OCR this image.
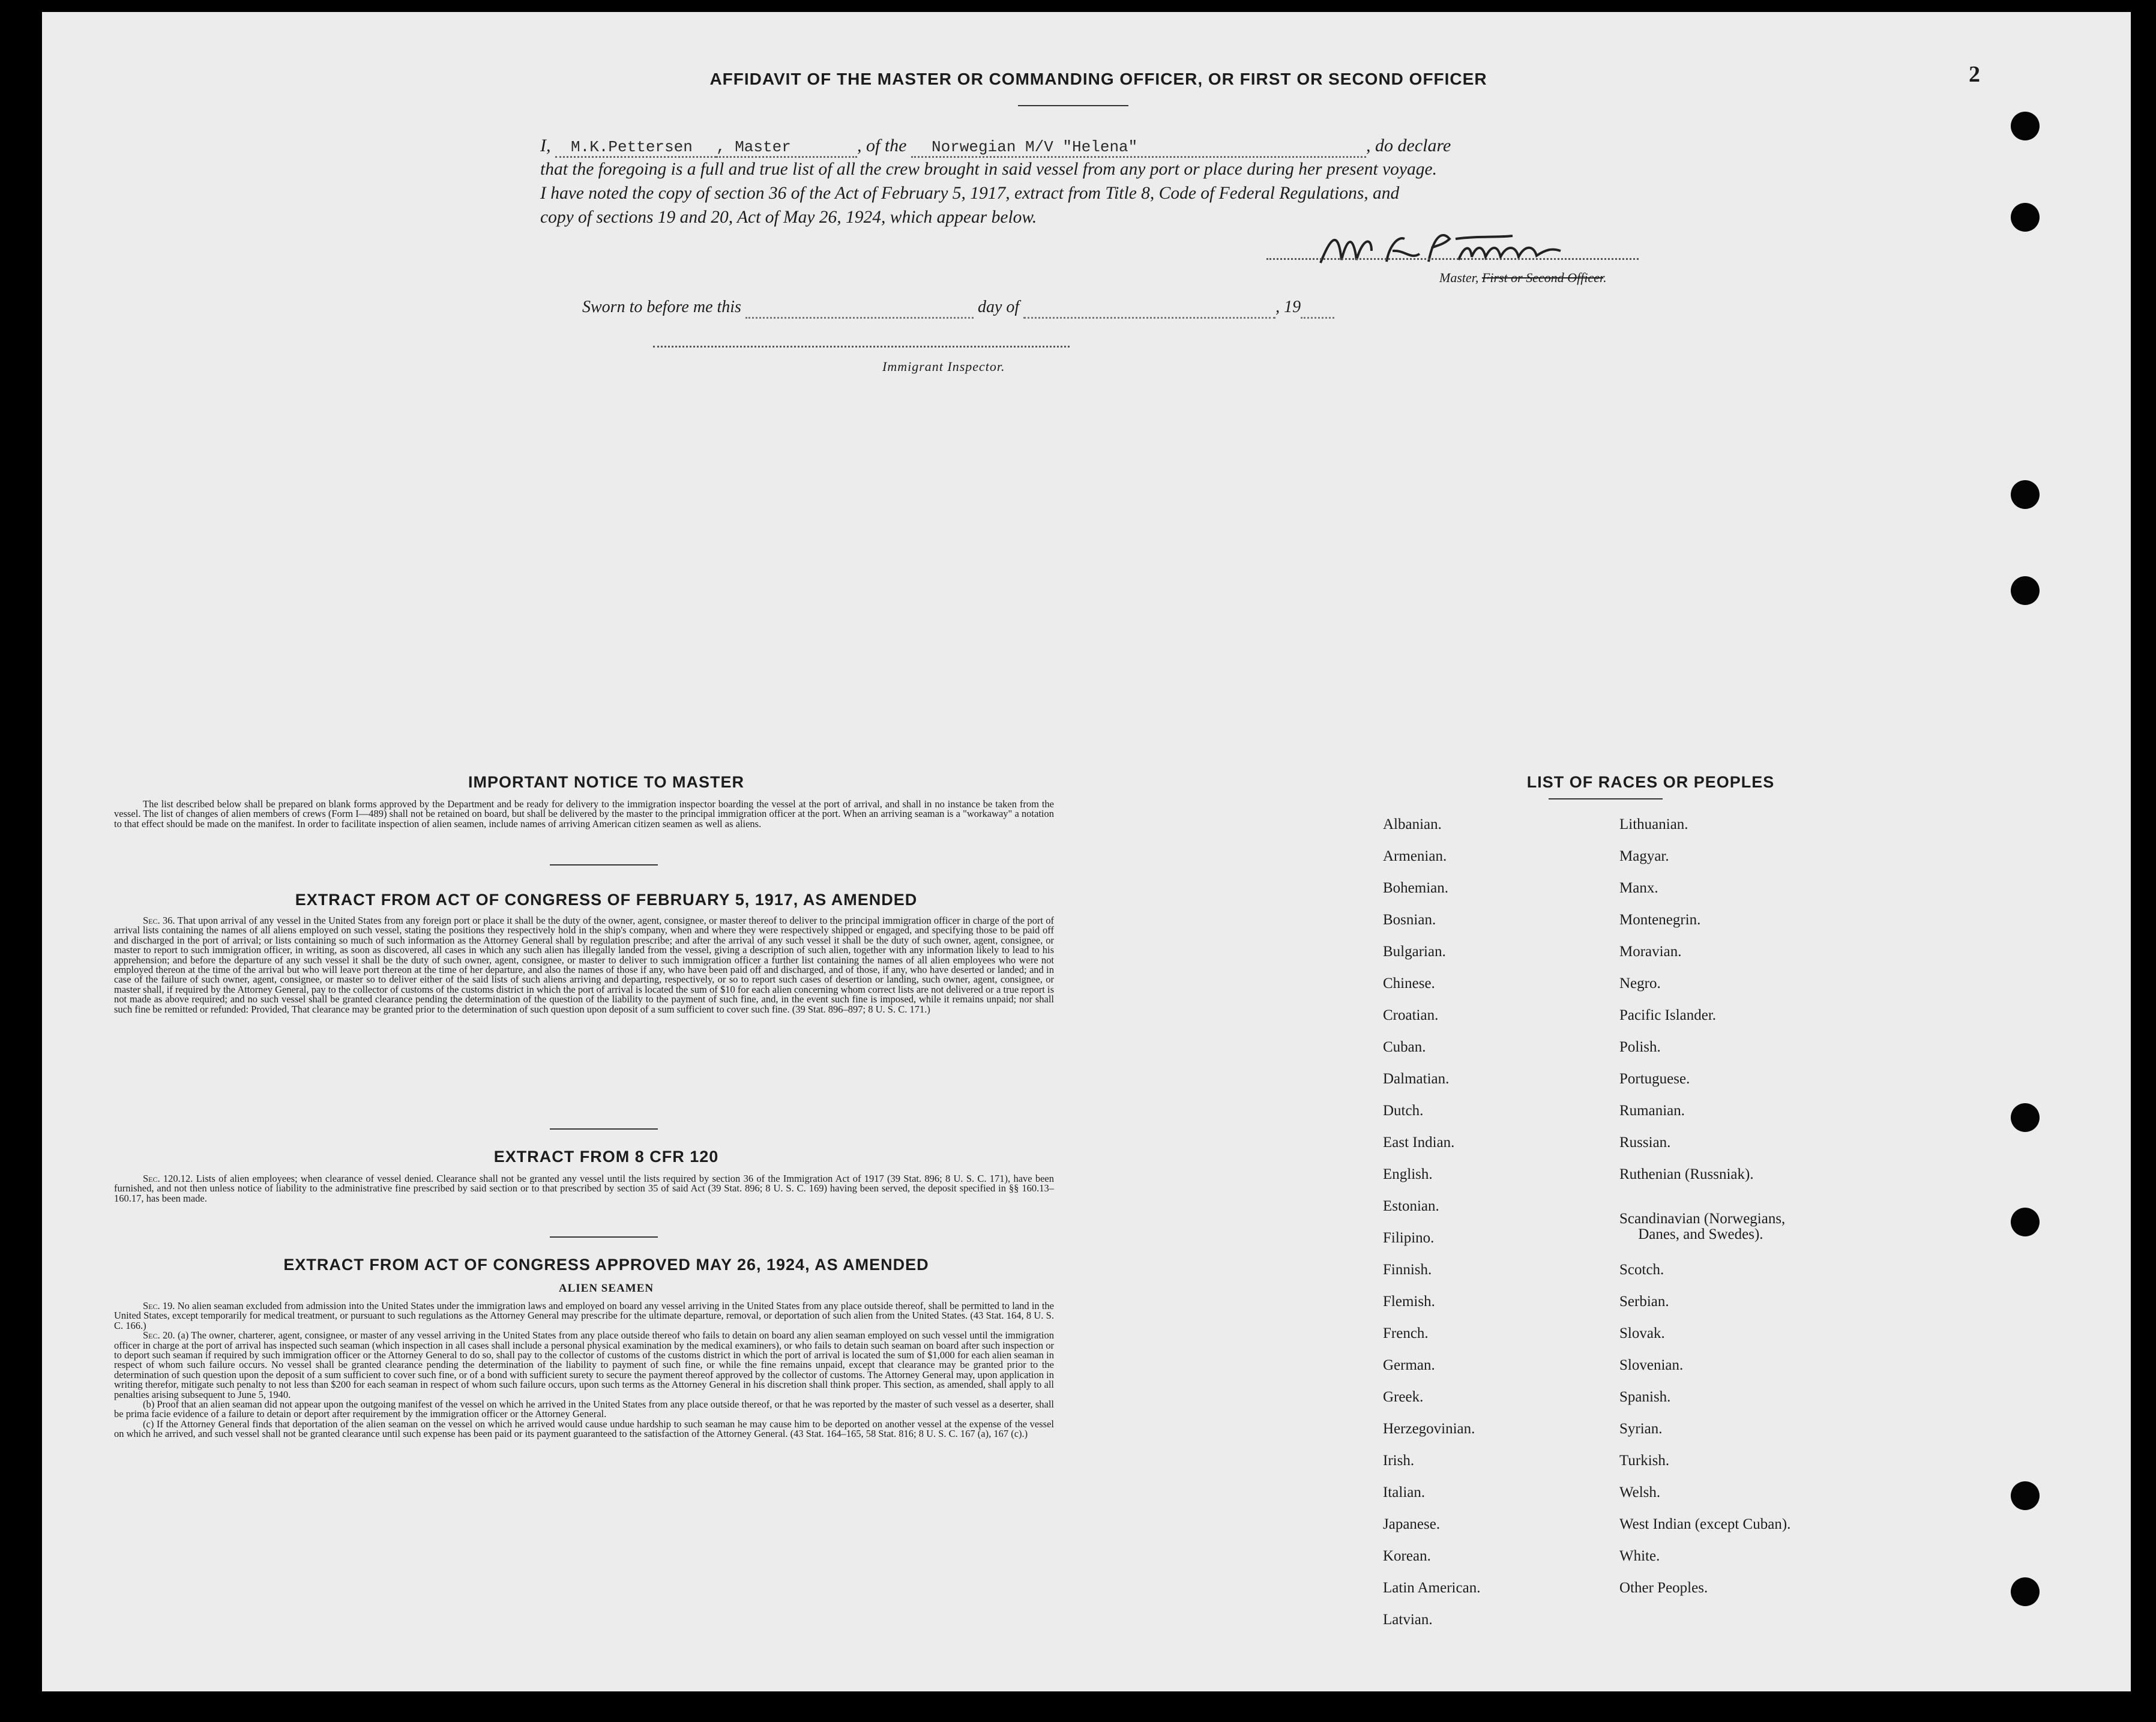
2
AFFIDAVIT OF THE MASTER OR COMMANDING OFFICER, OR FIRST OR SECOND OFFICER
I, M.K.Pettersen , Master	, of the Norwegian M/V "Helena"	, do declare
that the foregoing is a full and true list of all the crew brought in said vessel from any port or place during her present voyage.
I have noted the copy of section 36 of the Act of February 5, 1917, extract from Title 8, Code of Federal Regulations, and
copy of sections 19 and 20, Act of May 26, 1924, which appear below.
Master, First or Second Officer.
Sworn to before me this	day of	, 19
Immigrant Inspector.
IMPORTANT NOTICE TO MASTER
The list described below shall be prepared on blank forms approved by the Department and be ready for delivery to the immigration inspector boarding the vessel at the port of arrival, and shall in no instance be taken from the vessel. The list of changes of alien members of crews (Form I—489) shall not be retained on board, but shall be delivered by the master to the principal immigration officer at the port. When an arriving seaman is a "workaway" a notation to that effect should be made on the manifest. In order to facilitate inspection of alien seamen, include names of arriving American citizen seamen as well as aliens.
EXTRACT FROM ACT OF CONGRESS OF FEBRUARY 5, 1917, AS AMENDED
Sec. 36. That upon arrival of any vessel in the United States from any foreign port or place it shall be the duty of the owner, agent, consignee, or master thereof to deliver to the principal immigration officer in charge of the port of arrival lists containing the names of all aliens employed on such vessel, stating the positions they respectively hold in the ship's company, when and where they were respectively shipped or engaged, and specifying those to be paid off and discharged in the port of arrival; or lists containing so much of such information as the Attorney General shall by regulation prescribe; and after the arrival of any such vessel it shall be the duty of such owner, agent, consignee, or master to report to such immigration officer, in writing, as soon as discovered, all cases in which any such alien has illegally landed from the vessel, giving a description of such alien, together with any information likely to lead to his apprehension; and before the departure of any such vessel it shall be the duty of such owner, agent, consignee, or master to deliver to such immigration officer a further list containing the names of all alien employees who were not employed thereon at the time of the arrival but who will leave port thereon at the time of her departure, and also the names of those if any, who have been paid off and discharged, and of those, if any, who have deserted or landed; and in case of the failure of such owner, agent, consignee, or master so to deliver either of the said lists of such aliens arriving and departing, respectively, or so to report such cases of desertion or landing, such owner, agent, consignee, or master shall, if required by the Attorney General, pay to the collector of customs of the customs district in which the port of arrival is located the sum of $10 for each alien concerning whom correct lists are not delivered or a true report is not made as above required; and no such vessel shall be granted clearance pending the determination of the question of the liability to the payment of such fine, and, in the event such fine is imposed, while it remains unpaid; nor shall such fine be remitted or refunded: Provided, That clearance may be granted prior to the determination of such question upon deposit of a sum sufficient to cover such fine. (39 Stat. 896–897; 8 U. S. C. 171.)
EXTRACT FROM 8 CFR 120
Sec. 120.12. Lists of alien employees; when clearance of vessel denied. Clearance shall not be granted any vessel until the lists required by section 36 of the Immigration Act of 1917 (39 Stat. 896; 8 U. S. C. 171), have been furnished, and not then unless notice of liability to the administrative fine prescribed by said section or to that prescribed by section 35 of said Act (39 Stat. 896; 8 U. S. C. 169) having been served, the deposit specified in §§ 160.13–160.17, has been made.
EXTRACT FROM ACT OF CONGRESS APPROVED MAY 26, 1924, AS AMENDED
ALIEN SEAMEN
Sec. 19. No alien seaman excluded from admission into the United States under the immigration laws and employed on board any vessel arriving in the United States from any place outside thereof, shall be permitted to land in the United States, except temporarily for medical treatment, or pursuant to such regulations as the Attorney General may prescribe for the ultimate departure, removal, or deportation of such alien from the United States. (43 Stat. 164, 8 U. S. C. 166.)
Sec. 20. (a) The owner, charterer, agent, consignee, or master of any vessel arriving in the United States from any place outside thereof who fails to detain on board any alien seaman employed on such vessel until the immigration officer in charge at the port of arrival has inspected such seaman (which inspection in all cases shall include a personal physical examination by the medical examiners), or who fails to detain such seaman on board after such inspection or to deport such seaman if required by such immigration officer or the Attorney General to do so, shall pay to the collector of customs of the customs district in which the port of arrival is located the sum of $1,000 for each alien seaman in respect of whom such failure occurs. No vessel shall be granted clearance pending the determination of the liability to payment of such fine, or while the fine remains unpaid, except that clearance may be granted prior to the determination of such question upon the deposit of a sum sufficient to cover such fine, or of a bond with sufficient surety to secure the payment thereof approved by the collector of customs. The Attorney General may, upon application in writing therefor, mitigate such penalty to not less than $200 for each seaman in respect of whom such failure occurs, upon such terms as the Attorney General in his discretion shall think proper. This section, as amended, shall apply to all penalties arising subsequent to June 5, 1940.
(b) Proof that an alien seaman did not appear upon the outgoing manifest of the vessel on which he arrived in the United States from any place outside thereof, or that he was reported by the master of such vessel as a deserter, shall be prima facie evidence of a failure to detain or deport after requirement by the immigration officer or the Attorney General.
(c) If the Attorney General finds that deportation of the alien seaman on the vessel on which he arrived would cause undue hardship to such seaman he may cause him to be deported on another vessel at the expense of the vessel on which he arrived, and such vessel shall not be granted clearance until such expense has been paid or its payment guaranteed to the satisfaction of the Attorney General. (43 Stat. 164–165, 58 Stat. 816; 8 U. S. C. 167 (a), 167 (c).)
LIST OF RACES OR PEOPLES
Albanian.
Armenian.
Bohemian.
Bosnian.
Bulgarian.
Chinese.
Croatian.
Cuban.
Dalmatian.
Dutch.
East Indian.
English.
Estonian.
Filipino.
Finnish.
Flemish.
French.
German.
Greek.
Herzegovinian.
Irish.
Italian.
Japanese.
Korean.
Latin American.
Latvian.
Lithuanian.
Magyar.
Manx.
Montenegrin.
Moravian.
Negro.
Pacific Islander.
Polish.
Portuguese.
Rumanian.
Russian.
Ruthenian (Russniak).
Scandinavian (Norwegians,
Danes, and Swedes).
Scotch.
Serbian.
Slovak.
Slovenian.
Spanish.
Syrian.
Turkish.
Welsh.
West Indian (except Cuban).
White.
Other Peoples.
